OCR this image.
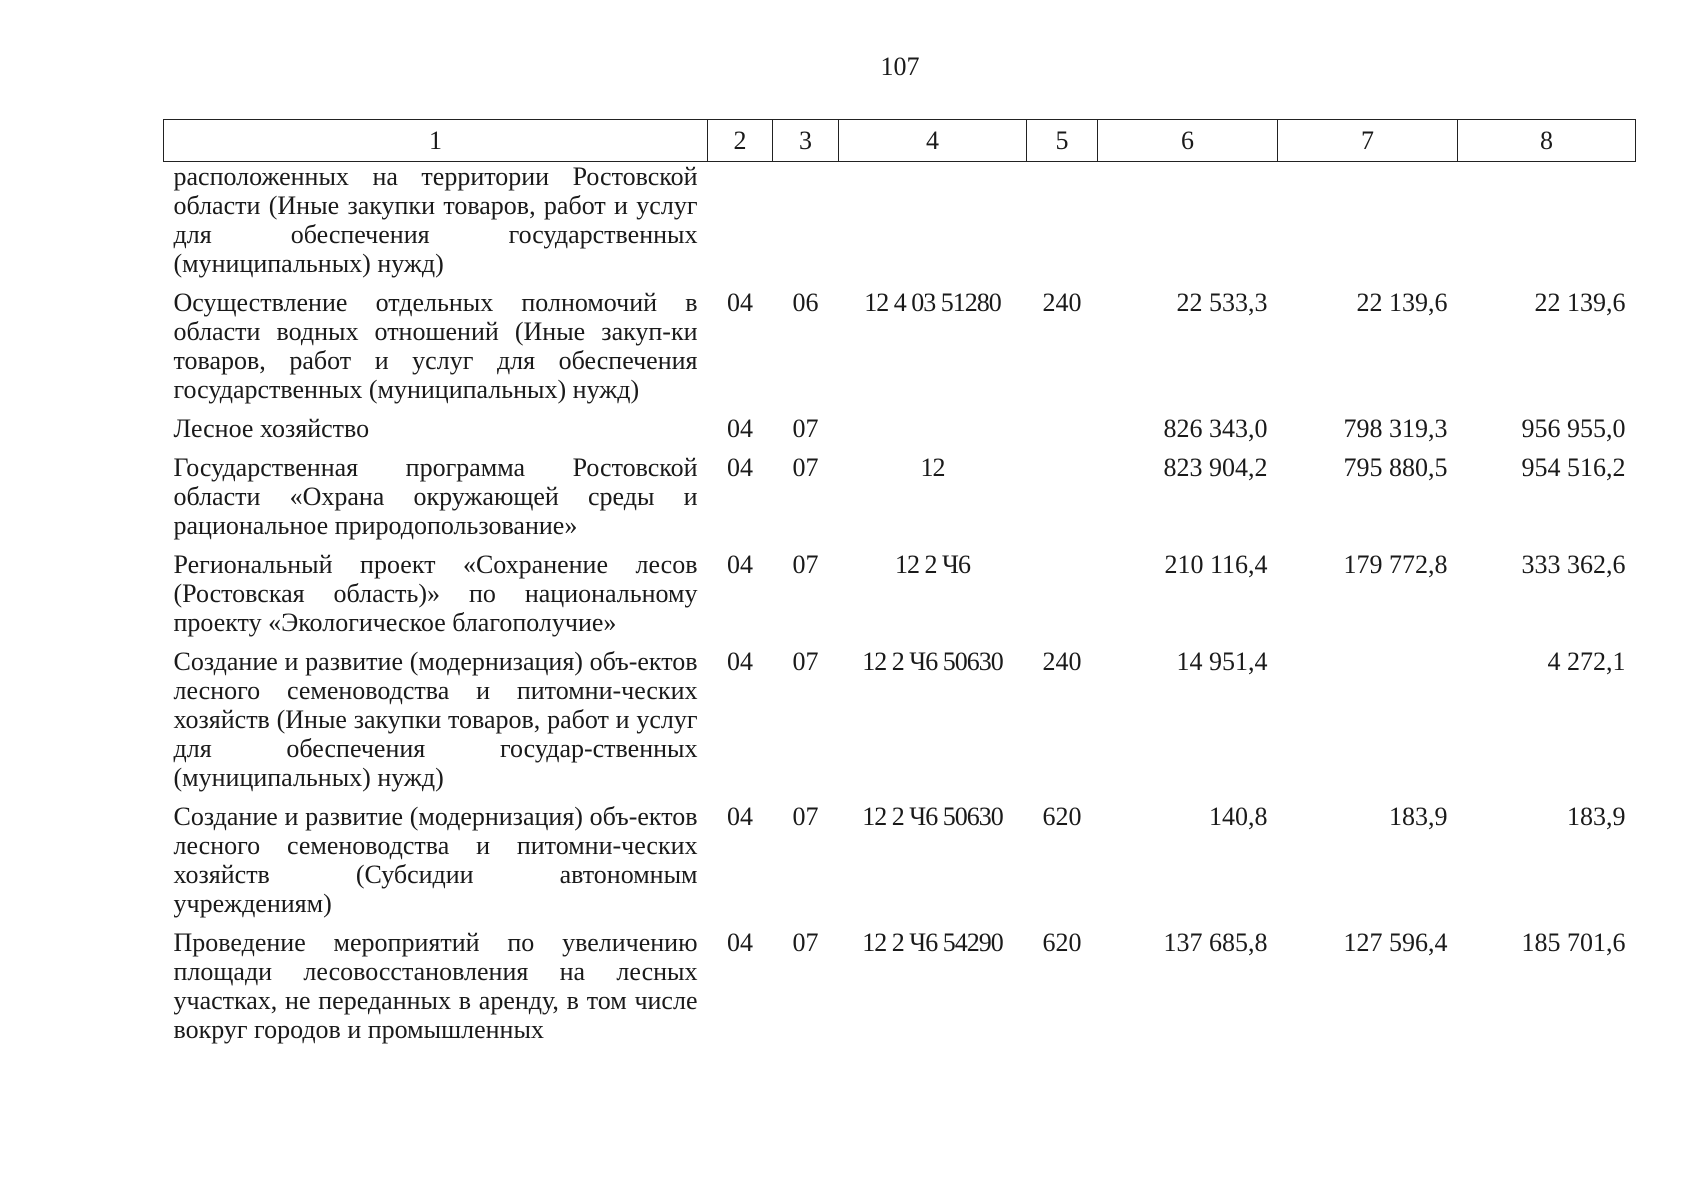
107
1	2	3	4	5	6	7	8
расположенных на территории Ростовской области (Иные закупки товаров, работ и услуг для обеспечения государственных (муниципальных) нужд)							
Осуществление отдельных полномочий в области водных отношений (Иные закуп-ки товаров, работ и услуг для обеспечения государственных (муниципальных) нужд)	04	06	12 4 03 51280	240	22 533,3	22 139,6	22 139,6
Лесное хозяйство	04	07			826 343,0	798 319,3	956 955,0
Государственная программа Ростовской области «Охрана окружающей среды и рациональное природопользование»	04	07	12		823 904,2	795 880,5	954 516,2
Региональный проект «Сохранение лесов (Ростовская область)» по национальному проекту «Экологическое благополучие»	04	07	12 2 Ч6		210 116,4	179 772,8	333 362,6
Создание и развитие (модернизация) объ-ектов лесного семеноводства и питомни-ческих хозяйств (Иные закупки товаров, работ и услуг для обеспечения государ-ственных (муниципальных) нужд)	04	07	12 2 Ч6 50630	240	14 951,4		4 272,1
Создание и развитие (модернизация) объ-ектов лесного семеноводства и питомни-ческих хозяйств (Субсидии автономным учреждениям)	04	07	12 2 Ч6 50630	620	140,8	183,9	183,9
Проведение мероприятий по увеличению площади лесовосстановления на лесных участках, не переданных в аренду, в том числе вокруг городов и промышленных	04	07	12 2 Ч6 54290	620	137 685,8	127 596,4	185 701,6
